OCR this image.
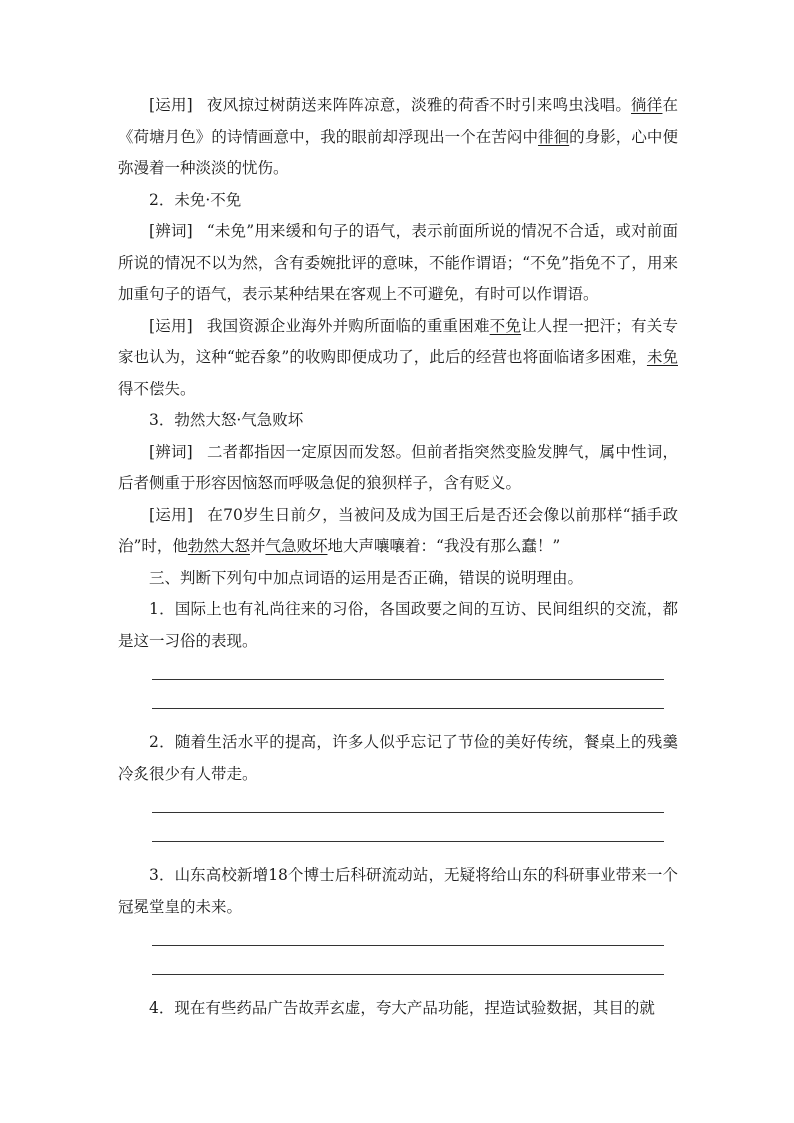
[运用] 夜风掠过树荫送来阵阵凉意，淡雅的荷香不时引来鸣虫浅唱。徜徉在《荷塘月色》的诗情画意中，我的眼前却浮现出一个在苦闷中徘徊的身影，心中便弥漫着一种淡淡的忧伤。

2．未免·不免

[辨词] “未免”用来缓和句子的语气，表示前面所说的情况不合适，或对前面所说的情况不以为然，含有委婉批评的意味，不能作谓语；“不免”指免不了，用来加重句子的语气，表示某种结果在客观上不可避免，有时可以作谓语。

[运用] 我国资源企业海外并购所面临的重重困难不免让人捏一把汗；有关专家也认为，这种“蛇吞象”的收购即便成功了，此后的经营也将面临诸多困难，未免得不偿失。

3．勃然大怒·气急败坏

[辨词] 二者都指因一定原因而发怒。但前者指突然变脸发脾气，属中性词，后者侧重于形容因恼怒而呼吸急促的狼狈样子，含有贬义。

[运用] 在70岁生日前夕，当被问及成为国王后是否还会像以前那样“插手政治”时，他勃然大怒并气急败坏地大声嚷嚷着：“我没有那么蠢！”

三、判断下列句中加点词语的运用是否正确，错误的说明理由。

1．国际上也有礼尚往来的习俗，各国政要之间的互访、民间组织的交流，都是这一习俗的表现。

2．随着生活水平的提高，许多人似乎忘记了节俭的美好传统，餐桌上的残羹冷炙很少有人带走。

3．山东高校新增18个博士后科研流动站，无疑将给山东的科研事业带来一个冠冕堂皇的未来。

4．现在有些药品广告故弄玄虚，夸大产品功能，捏造试验数据，其目的就
